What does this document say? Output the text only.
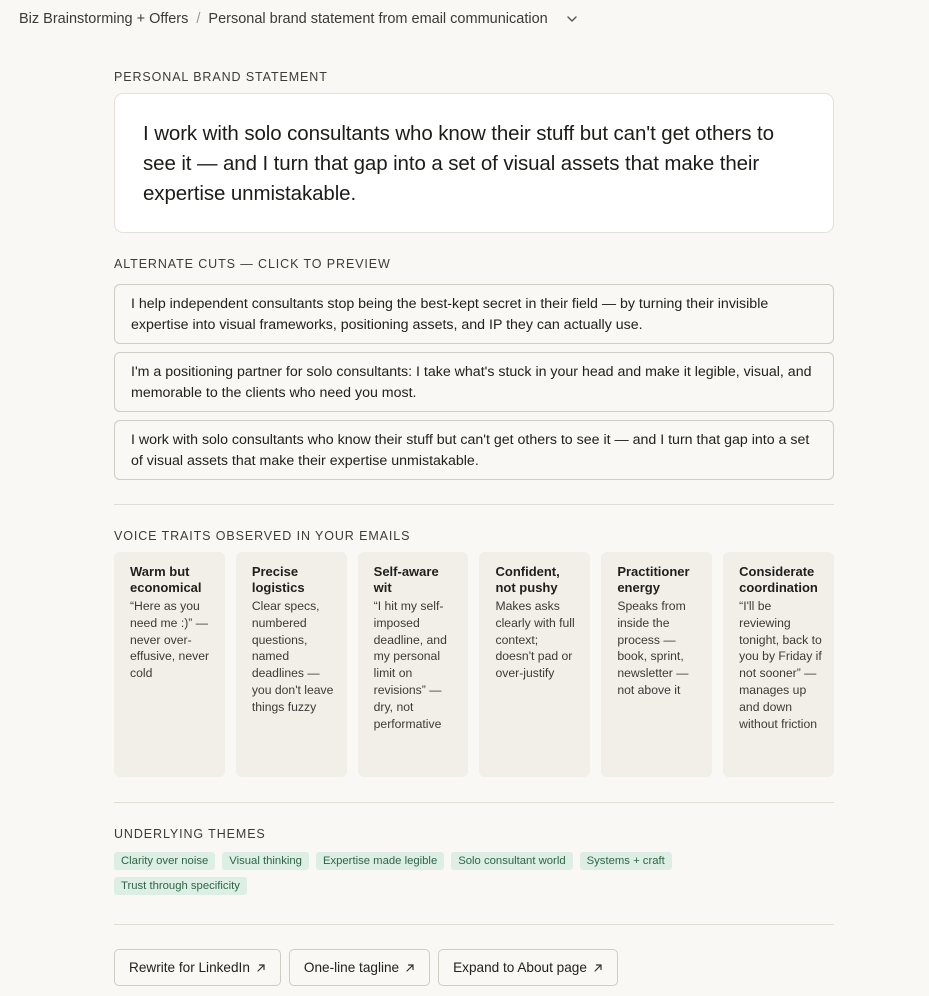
Biz Brainstorming + Offers / Personal brand statement from email communication
PERSONAL BRAND STATEMENT
I work with solo consultants who know their stuff but can't get others to see it — and I turn that gap into a set of visual assets that make their expertise unmistakable.
ALTERNATE CUTS — CLICK TO PREVIEW
I help independent consultants stop being the best-kept secret in their field — by turning their invisible expertise into visual frameworks, positioning assets, and IP they can actually use.
I'm a positioning partner for solo consultants: I take what's stuck in your head and make it legible, visual, and memorable to the clients who need you most.
I work with solo consultants who know their stuff but can't get others to see it — and I turn that gap into a set of visual assets that make their expertise unmistakable.
VOICE TRAITS OBSERVED IN YOUR EMAILS
Warm but economical
“Here as you need me :)” — never over-effusive, never cold
Precise logistics
Clear specs, numbered questions, named deadlines — you don't leave things fuzzy
Self-aware wit
“I hit my self-imposed deadline, and my personal limit on revisions” — dry, not performative
Confident, not pushy
Makes asks clearly with full context; doesn't pad or over-justify
Practitioner energy
Speaks from inside the process — book, sprint, newsletter — not above it
Considerate coordination
“I'll be reviewing tonight, back to you by Friday if not sooner” — manages up and down without friction
UNDERLYING THEMES
Clarity over noise	Visual thinking	Expertise made legible	Solo consultant world	Systems + craft
Trust through specificity
Rewrite for LinkedIn	One-line tagline	Expand to About page
